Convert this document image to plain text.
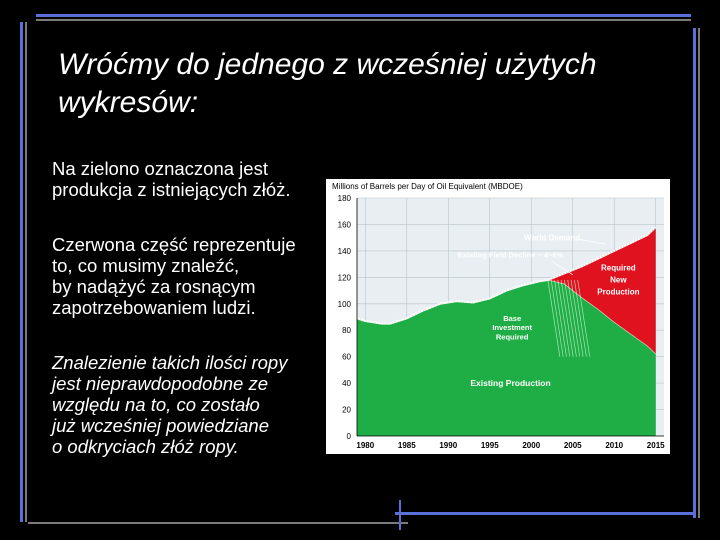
Wróćmy do jednego z wcześniej użytych wykresów:
Na zielono oznaczona jest
produkcja z istniejących złóż.
Czerwona część reprezentuje
to, co musimy znaleźć,
by nadążyć za rosnącym
zapotrzebowaniem ludzi.
Znalezienie takich ilości ropy
jest nieprawdopodobne ze
względu na to, co zostało
już wcześniej powiedziane
o odkryciach złóż ropy.
Millions of Barrels per Day of Oil Equivalent (MBDOE)
0
20
40
60
80
100
120
140
160
180
1980	1985	1990	1995	2000	2005	2010	2015
World Demand
Existing Field Decline ~ 4~6%
Required
New
Production
Base
Investment
Required
Existing Production
